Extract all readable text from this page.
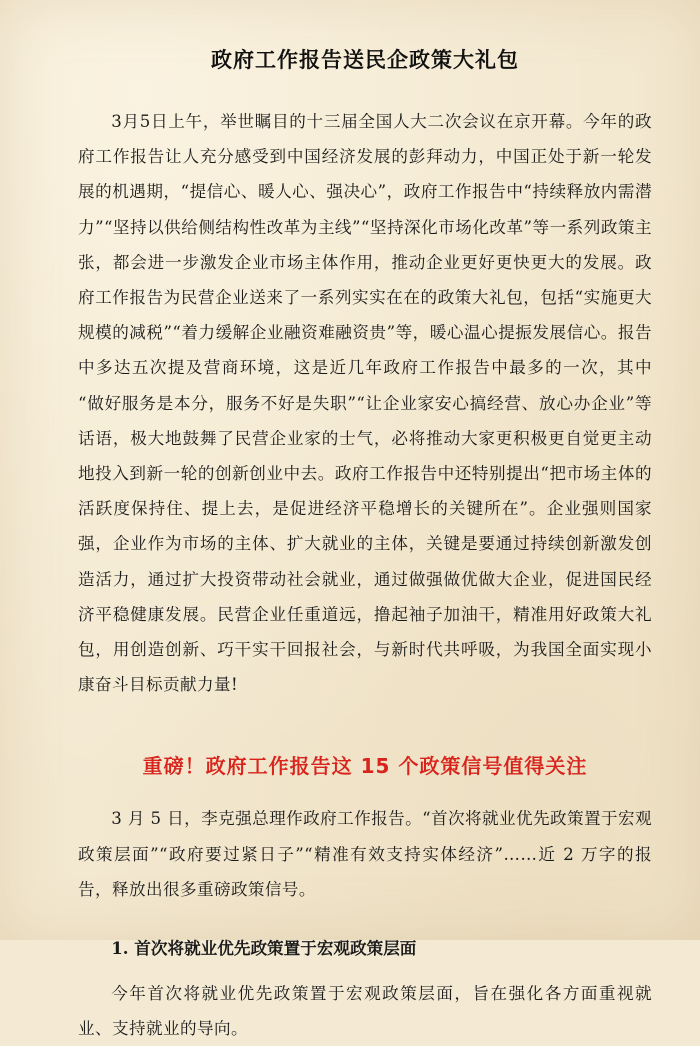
政府工作报告送民企政策大礼包

3月5日上午，举世瞩目的十三届全国人大二次会议在京开幕。今年的政府工作报告让人充分感受到中国经济发展的彭拜动力，中国正处于新一轮发展的机遇期，“提信心、暖人心、强决心”，政府工作报告中“持续释放内需潜力”“坚持以供给侧结构性改革为主线”“坚持深化市场化改革”等一系列政策主张，都会进一步激发企业市场主体作用，推动企业更好更快更大的发展。政府工作报告为民营企业送来了一系列实实在在的政策大礼包，包括“实施更大规模的减税”“着力缓解企业融资难融资贵”等，暖心温心提振发展信心。报告中多达五次提及营商环境，这是近几年政府工作报告中最多的一次，其中 “做好服务是本分，服务不好是失职”“让企业家安心搞经营、放心办企业”等话语，极大地鼓舞了民营企业家的士气，必将推动大家更积极更自觉更主动地投入到新一轮的创新创业中去。政府工作报告中还特别提出“把市场主体的活跃度保持住、提上去，是促进经济平稳增长的关键所在”。企业强则国家强，企业作为市场的主体、扩大就业的主体，关键是要通过持续创新激发创造活力，通过扩大投资带动社会就业，通过做强做优做大企业，促进国民经济平稳健康发展。民营企业任重道远，撸起袖子加油干，精准用好政策大礼包，用创造创新、巧干实干回报社会，与新时代共呼吸，为我国全面实现小康奋斗目标贡献力量!

重磅！政府工作报告这 15 个政策信号值得关注

3 月 5 日，李克强总理作政府工作报告。“首次将就业优先政策置于宏观政策层面”“政府要过紧日子”“精准有效支持实体经济”……近 2 万字的报告，释放出很多重磅政策信号。

1. 首次将就业优先政策置于宏观政策层面

今年首次将就业优先政策置于宏观政策层面，旨在强化各方面重视就业、支持就业的导向。
